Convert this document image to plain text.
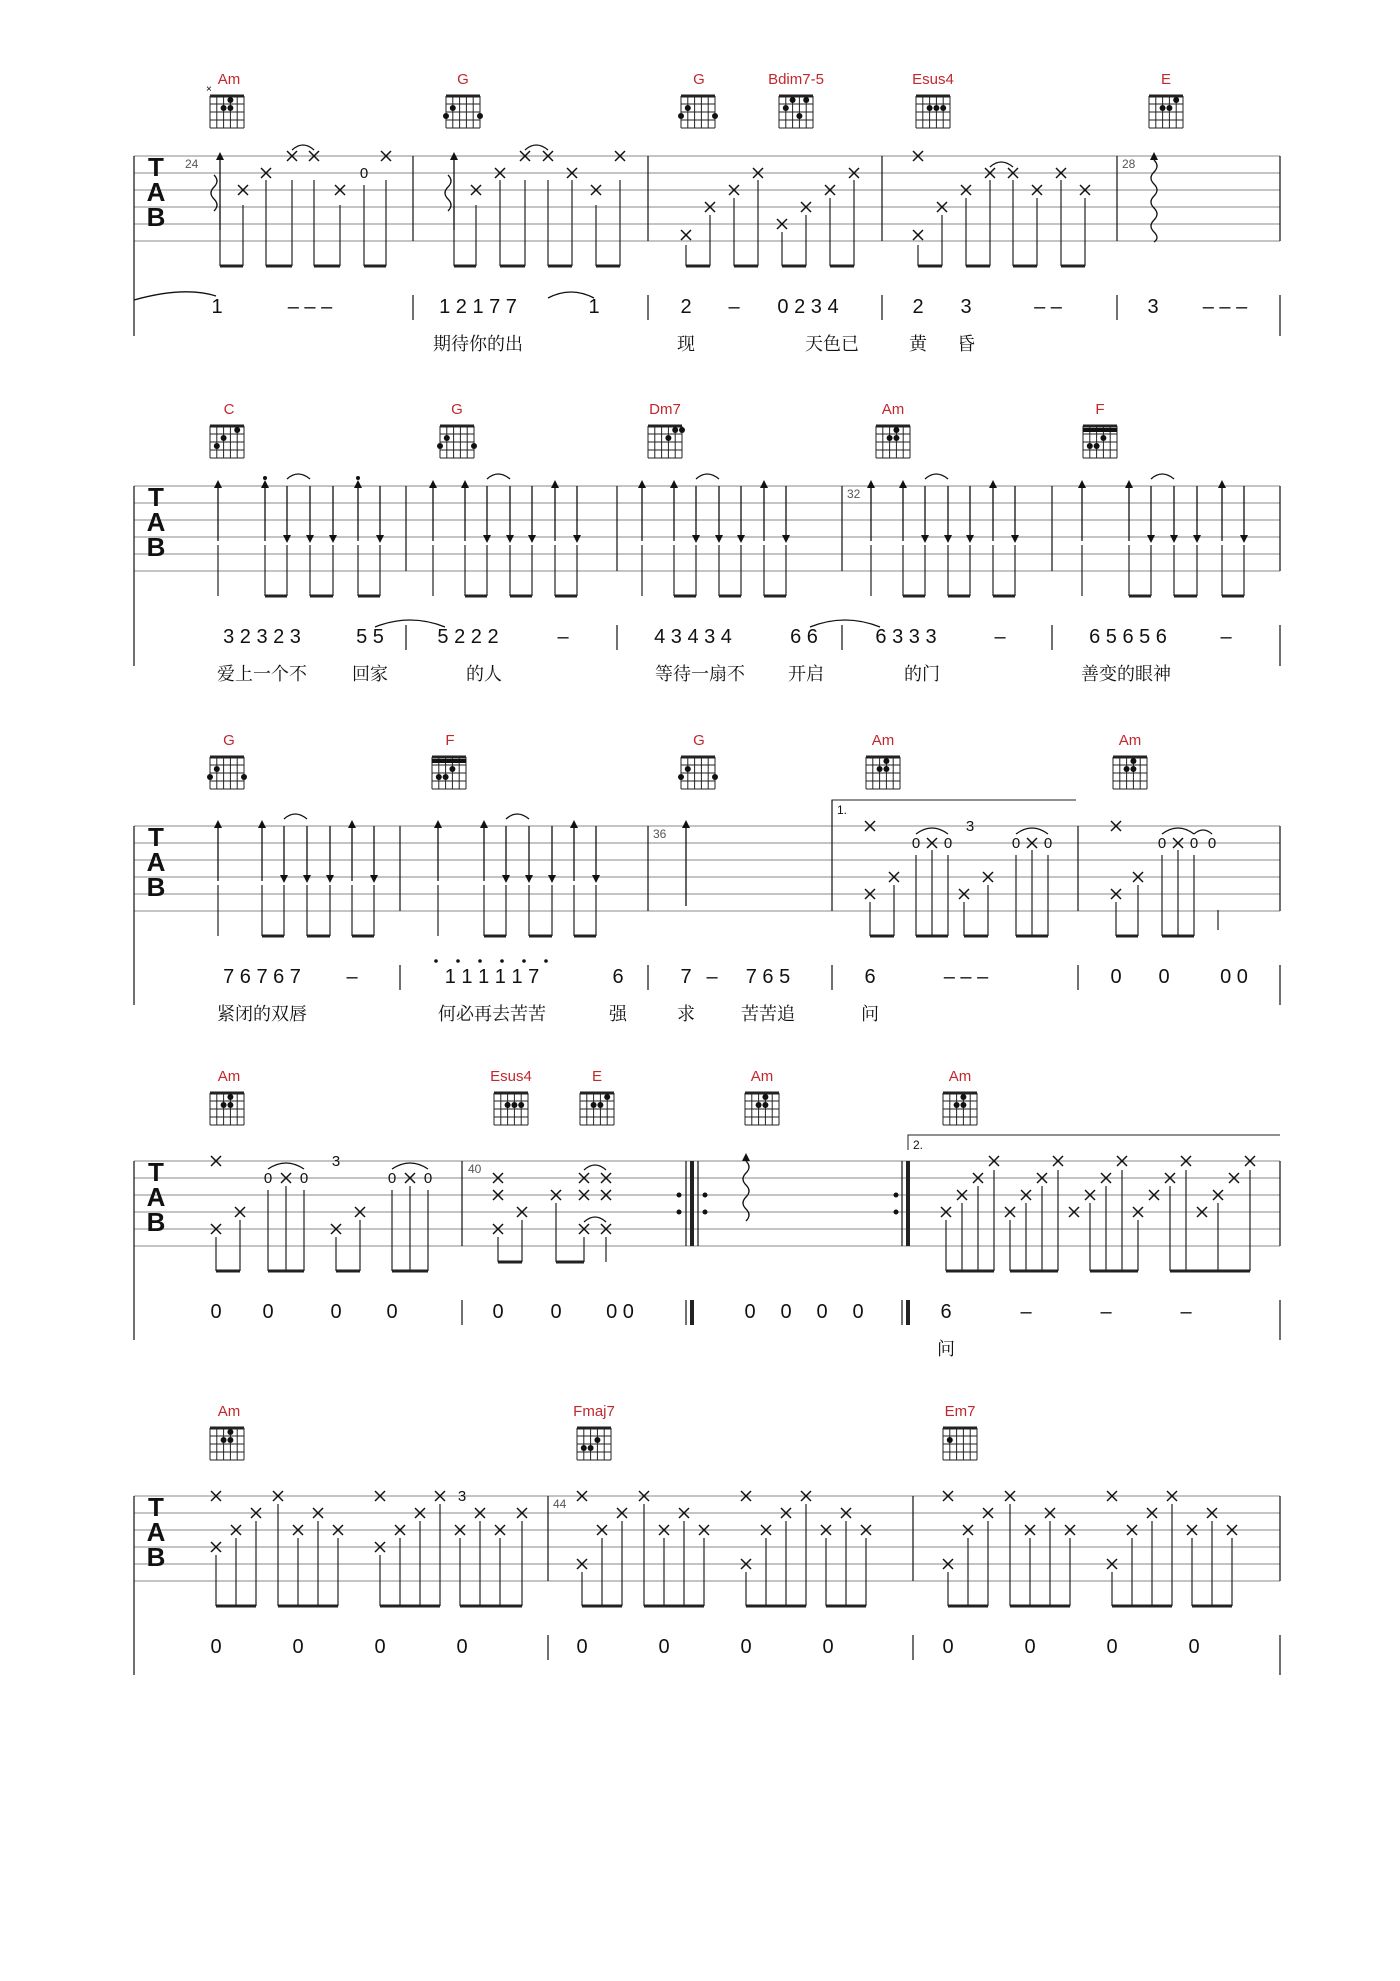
Am	G	G	Bdim7-5	Esus4	E
×
T
A
B
24	28
0
1	– – –	1 2 1 7 7	1	2 – 0 2 3 4	2 3	– –	3 – – –
期待你的出	现	天色已	黄 昏
C	G	Dm7	Am	F
T
A
B
32
3 2 3 2 3	5 5	5 2 2 2	–	4 3 4 3 4	6 6	6 3 3 3	–	6 5 6 5 6	–
爱上一个不	回家	的人	等待一扇不 开启	的门	善变的眼神
G	F	G	Am	Am
T
A
B
36
1.
0 0
3
0 0	0 0 0
7 6 7 6 7 –	1 1 1 1 1 7	6	7 – 7 6 5	6	– – –	0 0	0 0
紧闭的双唇	何必再去苦苦	强	求	苦苦追	问
Am	Esus4	E	Am	Am
T
A
B
40
2.
0 0
3
0 0
0 0	0 0	0 0 0 0	0 0 0 0	6	–	–	–
问
Am	Fmaj7	Em7
T
A
B
44
3
0	0	0	0	0	0	0	0	0	0	0	0
